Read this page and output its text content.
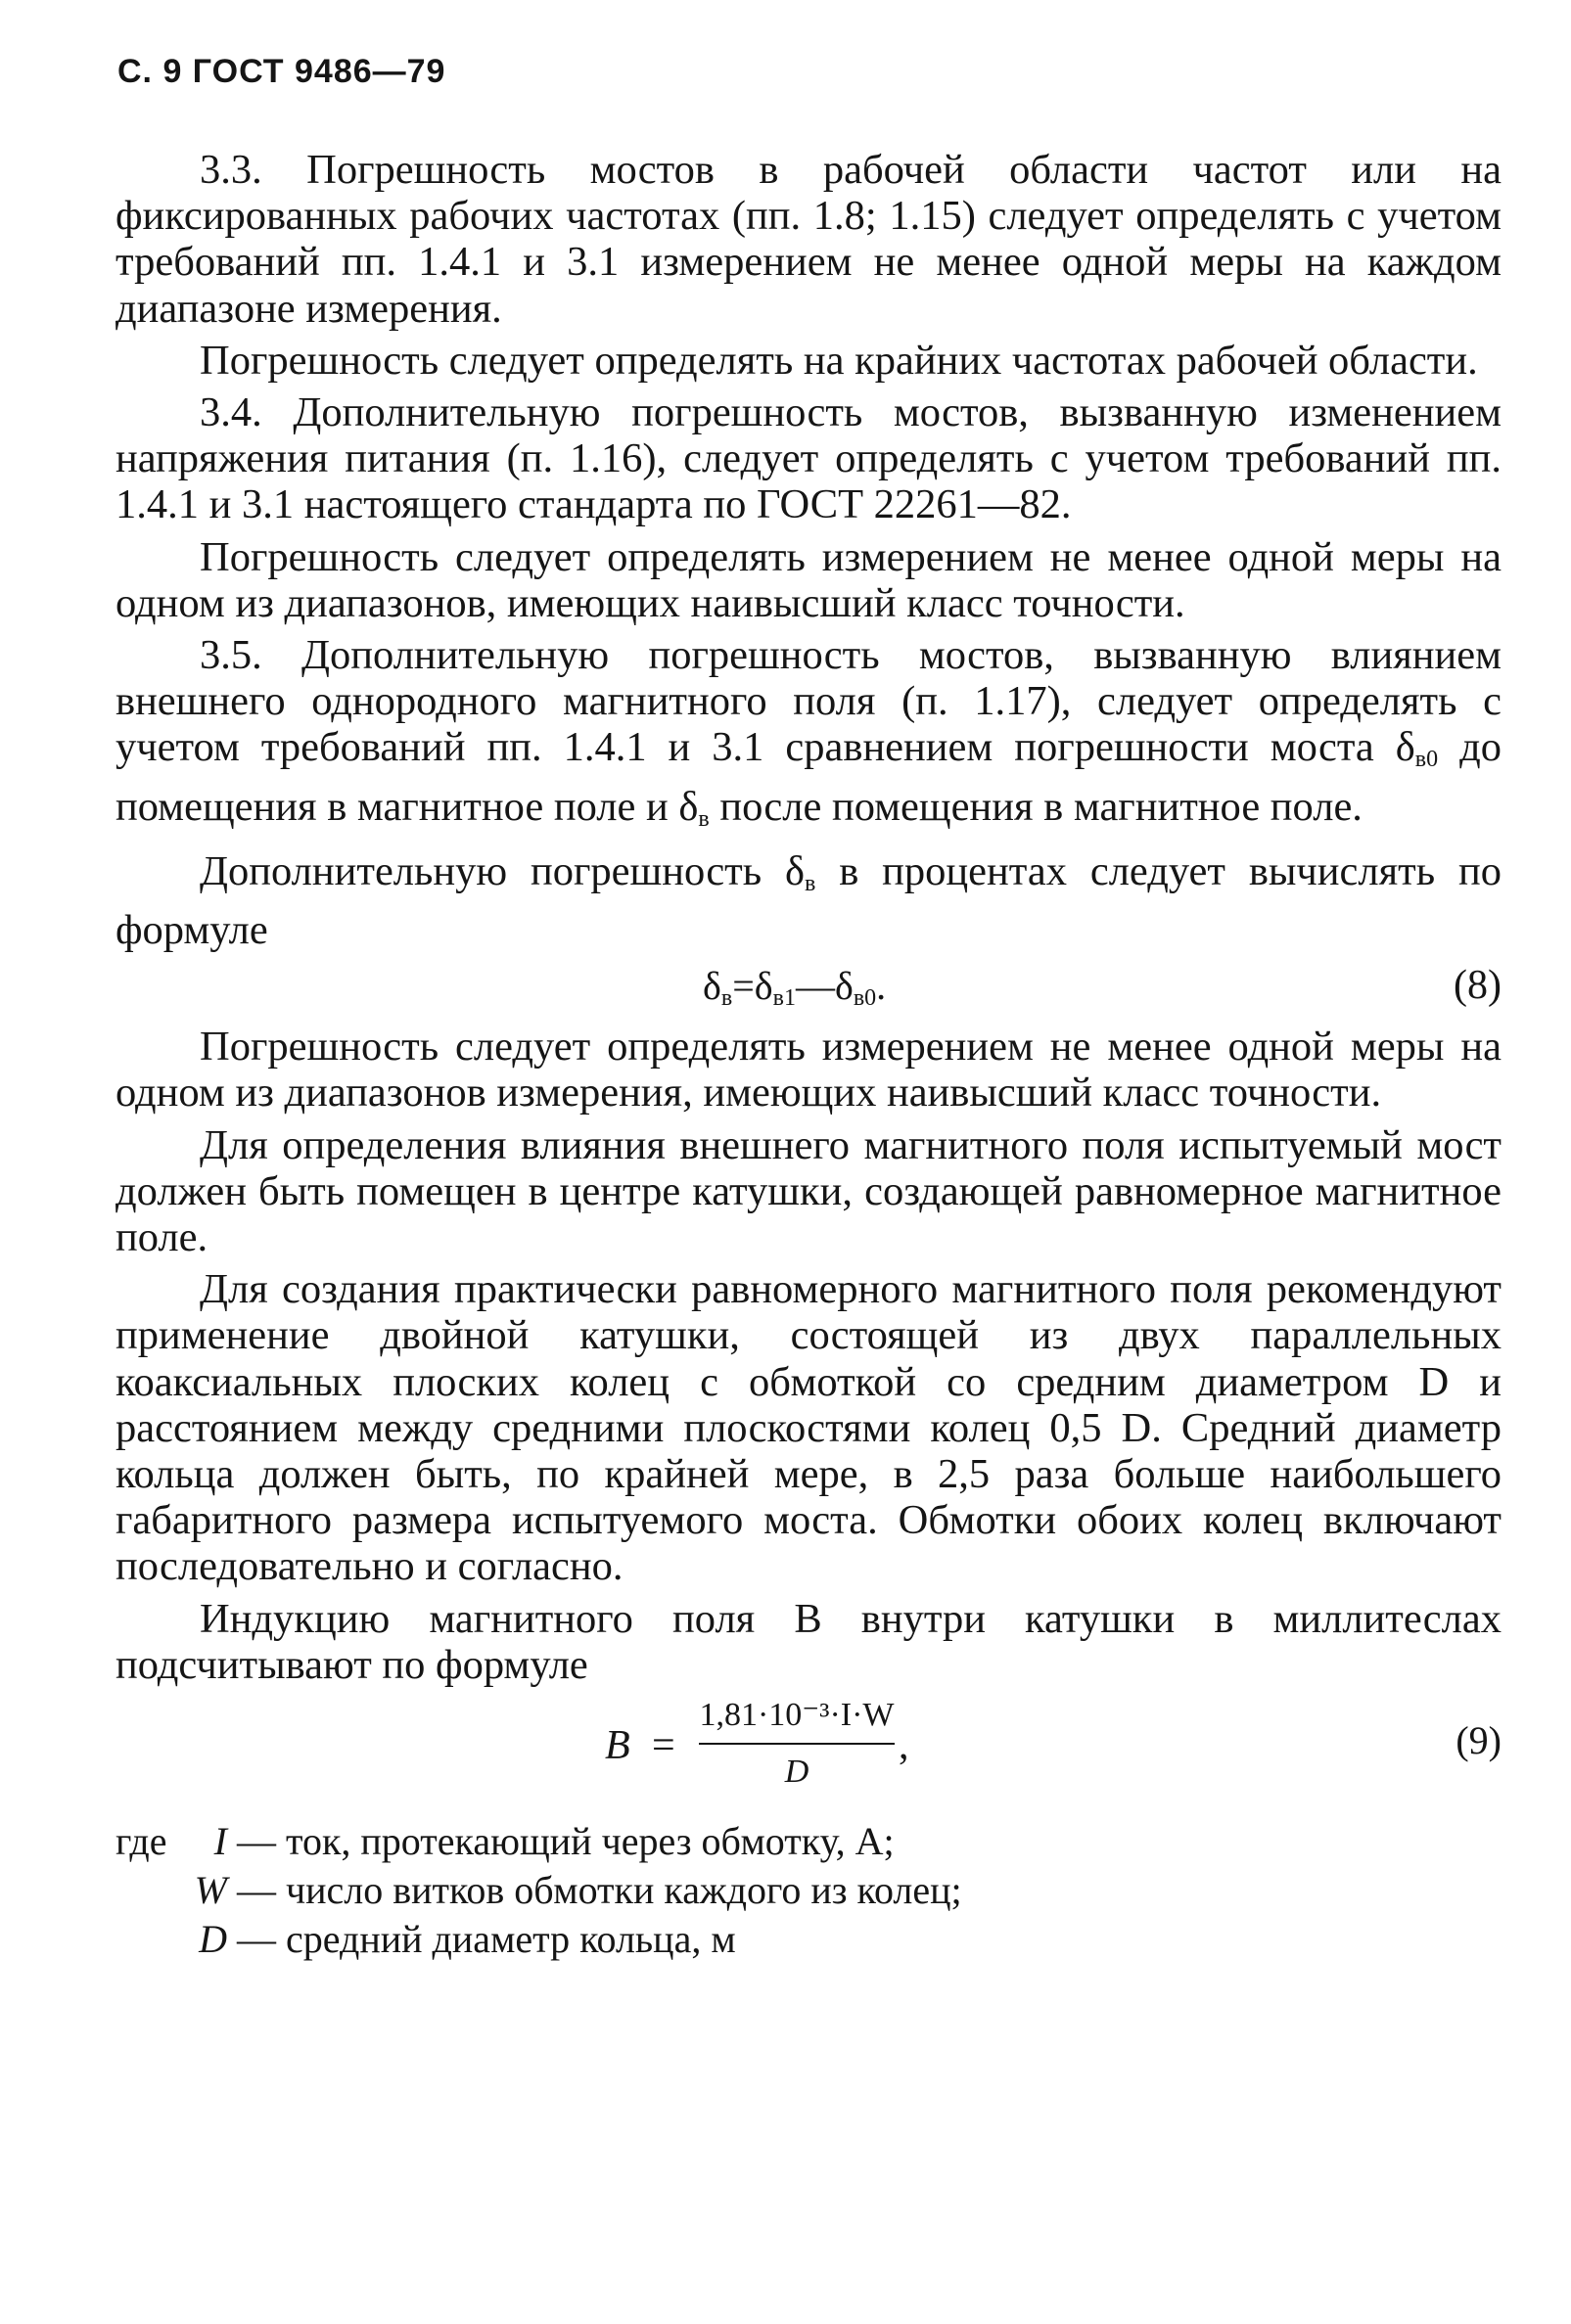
С. 9 ГОСТ 9486—79

3.3. Погрешность мостов в рабочей области частот или на фиксированных рабочих частотах (пп. 1.8; 1.15) следует определять с учетом требований пп. 1.4.1 и 3.1 измерением не менее одной меры на каждом диапазоне измерения.

Погрешность следует определять на крайних частотах рабочей области.

3.4. Дополнительную погрешность мостов, вызванную изменением напряжения питания (п. 1.16), следует определять с учетом требований пп. 1.4.1 и 3.1 настоящего стандарта по ГОСТ 22261—82.

Погрешность следует определять измерением не менее одной меры на одном из диапазонов, имеющих наивысший класс точности.

3.5. Дополнительную погрешность мостов, вызванную влиянием внешнего однородного магнитного поля (п. 1.17), следует определять с учетом требований пп. 1.4.1 и 3.1 сравнением погрешности моста $\delta_{в0}$ до помещения в магнитное поле и $\delta_в$ после помещения в магнитное поле.

Дополнительную погрешность $\delta_в$ в процентах следует вычислять по формуле

$\delta_в=\delta_{в1}—\delta_{в0}$.	(8)

Погрешность следует определять измерением не менее одной меры на одном из диапазонов измерения, имеющих наивысший класс точности.

Для определения влияния внешнего магнитного поля испытуемый мост должен быть помещен в центре катушки, создающей равномерное магнитное поле.

Для создания практически равномерного магнитного поля рекомендуют применение двойной катушки, состоящей из двух параллельных коаксиальных плоских колец с обмоткой со средним диаметром D и расстоянием между средними плоскостями колец 0,5 D. Средний диаметр кольца должен быть, по крайней мере, в 2,5 раза больше наибольшего габаритного размера испытуемого моста. Обмотки обоих колец включают последовательно и согласно.

Индукцию магнитного поля B внутри катушки в миллитеслах подсчитывают по формуле

B =
1,81·10⁻³·I·W
D
,	(9)
где	I — ток, протекающий через обмотку, А;
W — число витков обмотки каждого из колец;
D — средний диаметр кольца, м
